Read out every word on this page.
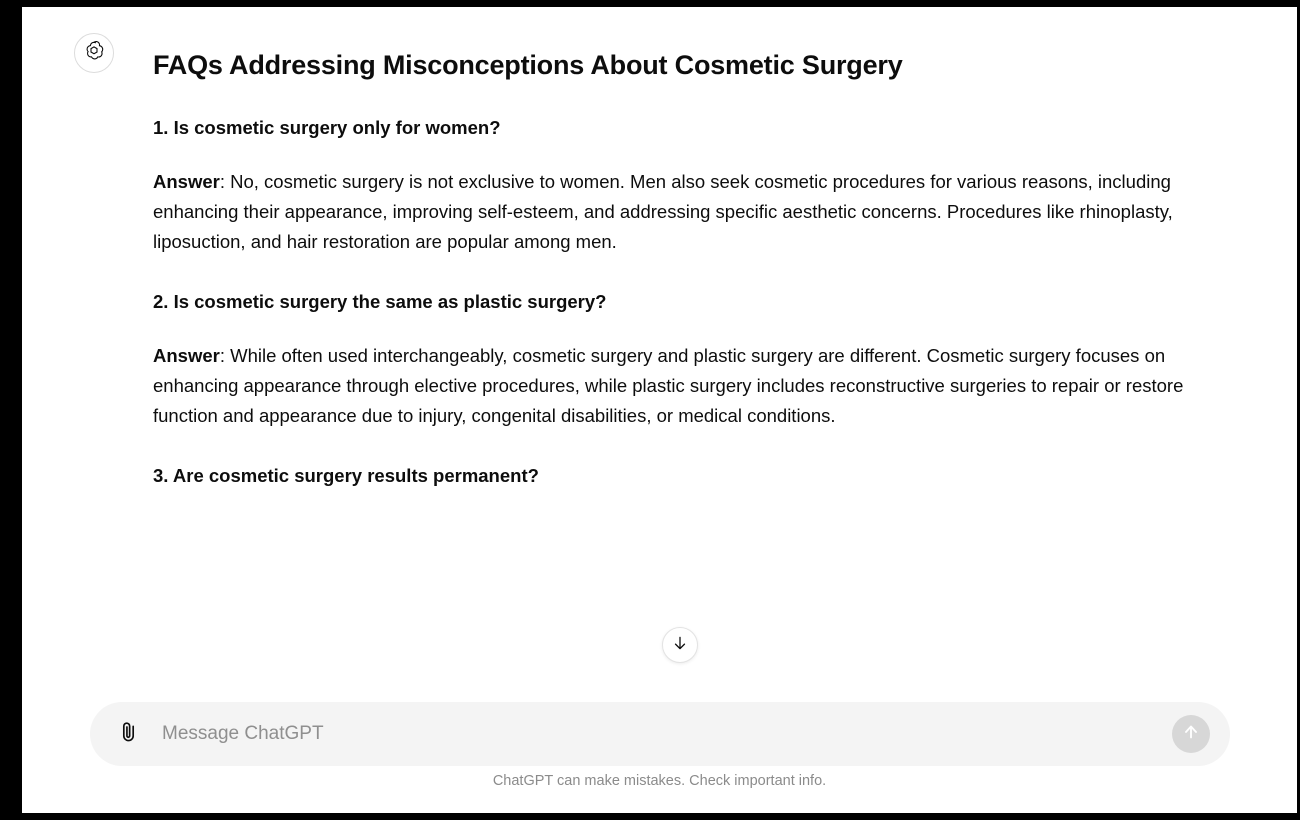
FAQs Addressing Misconceptions About Cosmetic Surgery
1. Is cosmetic surgery only for women?

Answer: No, cosmetic surgery is not exclusive to women. Men also seek cosmetic procedures for various reasons, including enhancing their appearance, improving self-esteem, and addressing specific aesthetic concerns. Procedures like rhinoplasty, liposuction, and hair restoration are popular among men.

2. Is cosmetic surgery the same as plastic surgery?

Answer: While often used interchangeably, cosmetic surgery and plastic surgery are different. Cosmetic surgery focuses on enhancing appearance through elective procedures, while plastic surgery includes reconstructive surgeries to repair or restore function and appearance due to injury, congenital disabilities, or medical conditions.

3. Are cosmetic surgery results permanent?
Message ChatGPT
ChatGPT can make mistakes. Check important info.
